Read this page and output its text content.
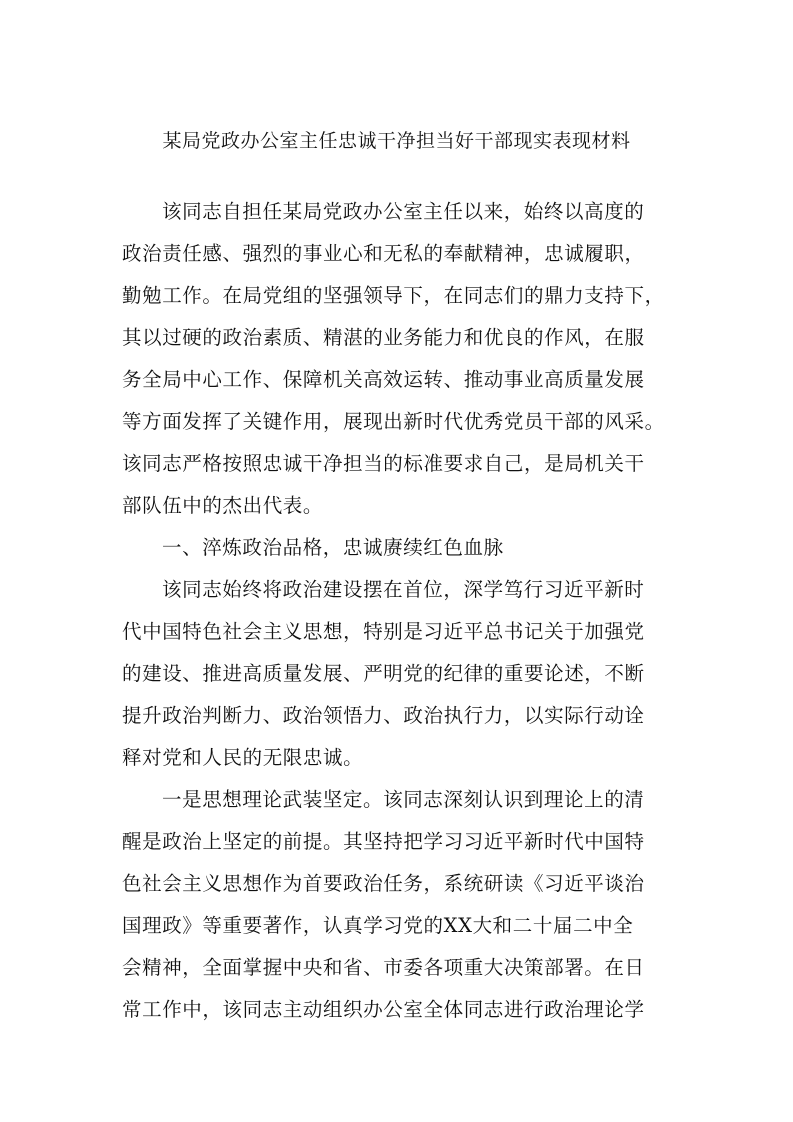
某局党政办公室主任忠诚干净担当好干部现实表现材料
该同志自担任某局党政办公室主任以来，始终以高度的
政治责任感、强烈的事业心和无私的奉献精神，忠诚履职，
勤勉工作。在局党组的坚强领导下，在同志们的鼎力支持下，
其以过硬的政治素质、精湛的业务能力和优良的作风，在服
务全局中心工作、保障机关高效运转、推动事业高质量发展
等方面发挥了关键作用，展现出新时代优秀党员干部的风采。
该同志严格按照忠诚干净担当的标准要求自己，是局机关干
部队伍中的杰出代表。
一、淬炼政治品格，忠诚赓续红色血脉
该同志始终将政治建设摆在首位，深学笃行习近平新时
代中国特色社会主义思想，特别是习近平总书记关于加强党
的建设、推进高质量发展、严明党的纪律的重要论述，不断
提升政治判断力、政治领悟力、政治执行力，以实际行动诠
释对党和人民的无限忠诚。
一是思想理论武装坚定。该同志深刻认识到理论上的清
醒是政治上坚定的前提。其坚持把学习习近平新时代中国特
色社会主义思想作为首要政治任务，系统研读《习近平谈治
国理政》等重要著作，认真学习党的XX大和二十届二中全
会精神，全面掌握中央和省、市委各项重大决策部署。在日
常工作中，该同志主动组织办公室全体同志进行政治理论学
